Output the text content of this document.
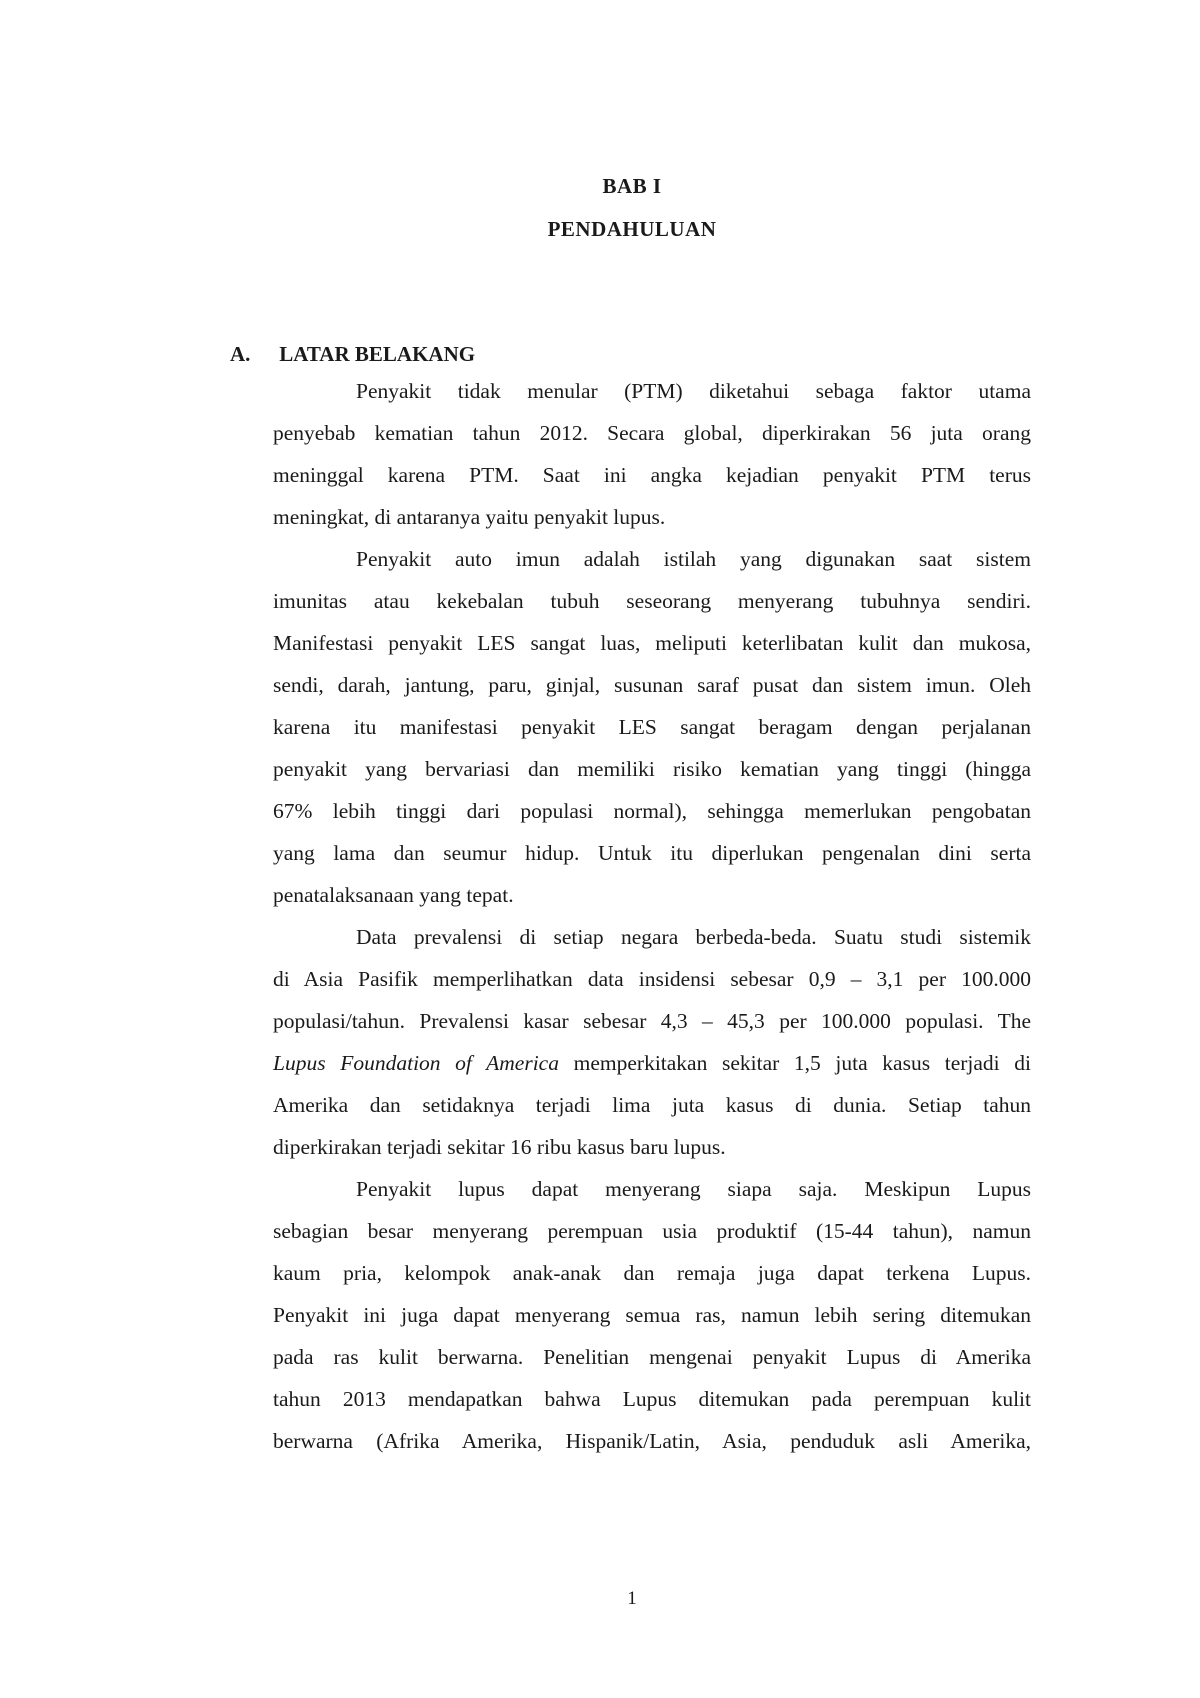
BAB I
PENDAHULUAN
A. LATAR BELAKANG
Penyakit tidak menular (PTM) diketahui sebaga faktor utama
penyebab kematian tahun 2012. Secara global, diperkirakan 56 juta orang
meninggal karena PTM. Saat ini angka kejadian penyakit PTM terus
meningkat, di antaranya yaitu penyakit lupus.
Penyakit auto imun adalah istilah yang digunakan saat sistem
imunitas atau kekebalan tubuh seseorang menyerang tubuhnya sendiri.
Manifestasi penyakit LES sangat luas, meliputi keterlibatan kulit dan mukosa,
sendi, darah, jantung, paru, ginjal, susunan saraf pusat dan sistem imun. Oleh
karena itu manifestasi penyakit LES sangat beragam dengan perjalanan
penyakit yang bervariasi dan memiliki risiko kematian yang tinggi (hingga
67% lebih tinggi dari populasi normal), sehingga memerlukan pengobatan
yang lama dan seumur hidup. Untuk itu diperlukan pengenalan dini serta
penatalaksanaan yang tepat.
Data prevalensi di setiap negara berbeda-beda. Suatu studi sistemik
di Asia Pasifik memperlihatkan data insidensi sebesar 0,9 – 3,1 per 100.000
populasi/tahun. Prevalensi kasar sebesar 4,3 – 45,3 per 100.000 populasi. The
Lupus Foundation of America memperkitakan sekitar 1,5 juta kasus terjadi di
Amerika dan setidaknya terjadi lima juta kasus di dunia. Setiap tahun
diperkirakan terjadi sekitar 16 ribu kasus baru lupus.
Penyakit lupus dapat menyerang siapa saja. Meskipun Lupus
sebagian besar menyerang perempuan usia produktif (15-44 tahun), namun
kaum pria, kelompok anak-anak dan remaja juga dapat terkena Lupus.
Penyakit ini juga dapat menyerang semua ras, namun lebih sering ditemukan
pada ras kulit berwarna. Penelitian mengenai penyakit Lupus di Amerika
tahun 2013 mendapatkan bahwa Lupus ditemukan pada perempuan kulit
berwarna (Afrika Amerika, Hispanik/Latin, Asia, penduduk asli Amerika,
1
